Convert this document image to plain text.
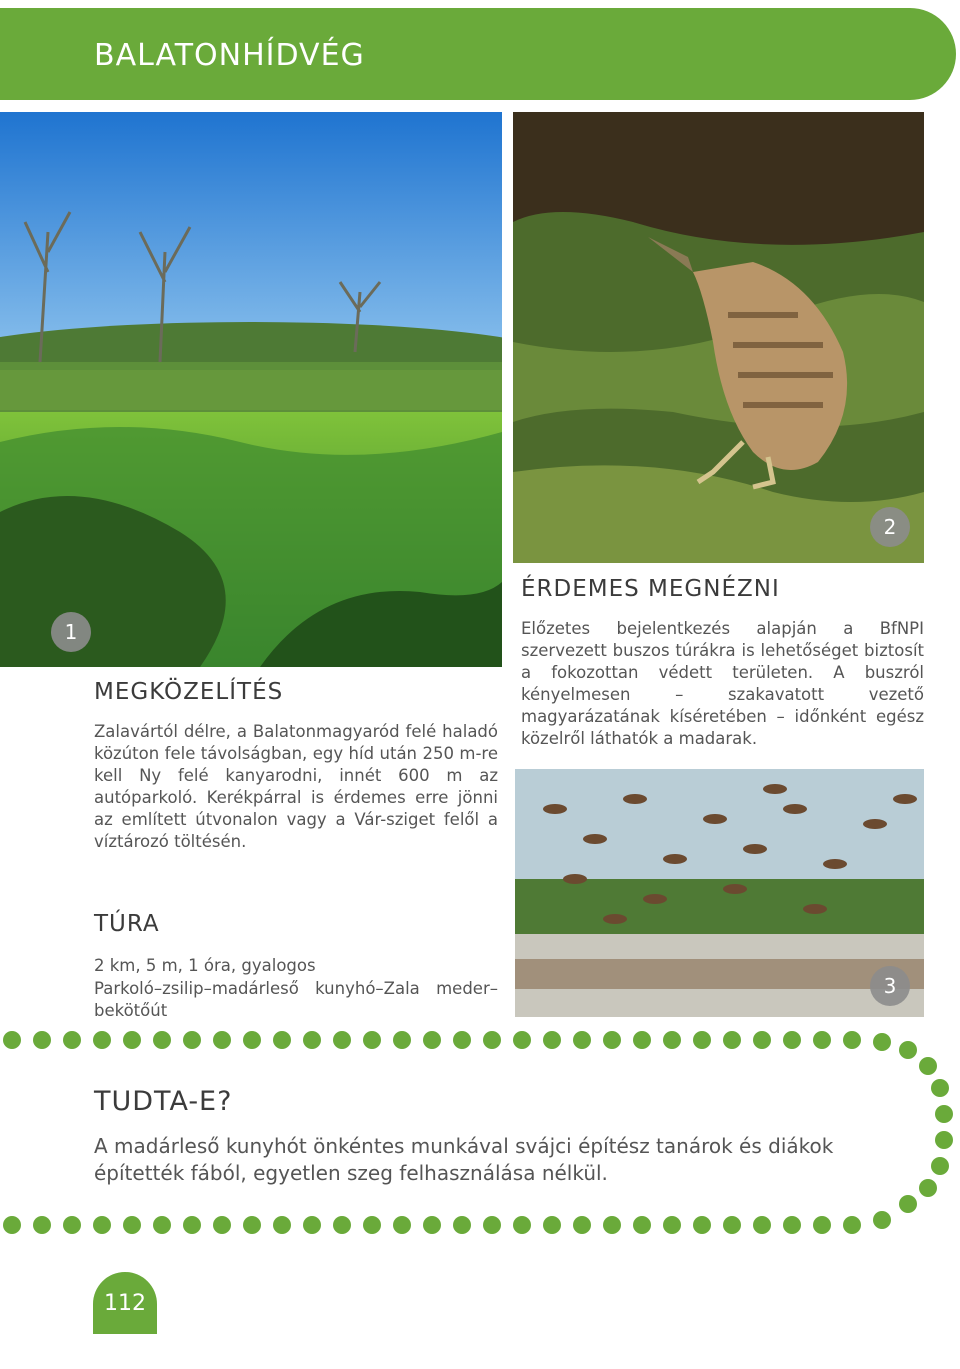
BALATONHÍDVÉG
1
2
3
MEGKÖZELÍTÉS

Zalavártól délre, a Balatonmagyaród felé haladó közúton fele távolságban, egy híd után 250 m-re kell Ny felé kanyarodni, innét 600 m az autóparkoló. Kerékpárral is érdemes erre jönni az említett útvonalon vagy a Vár-sziget felől a víztározó töltésén.

ÉRDEMES MEGNÉZNI

Előzetes bejelentkezés alapján a BfNPI szervezett buszos túrákra is lehetőséget biztosít a fokozottan védett területen. A buszról kényelmesen – szakavatott vezető magyarázatának kíséretében – időnként egész közelről láthatók a madarak.

TÚRA
2 km, 5 m, 1 óra, gyalogos
Parkoló–zsilip–madárleső kunyhó–Zala meder–bekötőút
TUDTA-E?

A madárleső kunyhót önkéntes munkával svájci építész tanárok és diákok építették fából, egyetlen szeg felhasználása nélkül.

112
